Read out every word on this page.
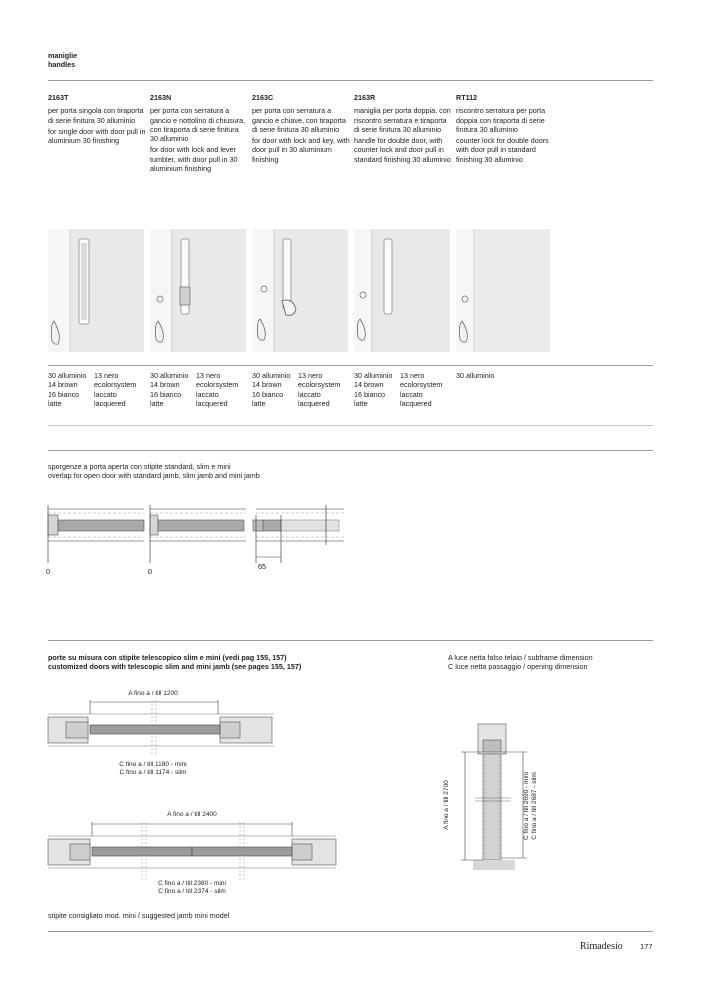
maniglie
handles

2163T

per porta singola con tiraporta di serie finitura 30 alluminio

for single door with door pull in aluminium 30 finishing

2163N

per porta con serratura a gancio e nottolino di chiusura, con tiraporta di serie finitura 30 alluminio

for door with lock and lever tumbler, with door pull in 30 aluminium finishing

2163C

per porta con serratura a gancio e chiave, con tiraporta di serie finitura 30 alluminio

for door with lock and key, with door pull in 30 aluminium finishing

2163R

maniglia per porta doppia, con riscontro serratura e tiraporta di serie finitura 30 alluminio

handle for double door, with counter lock and door pull in standard finishing 30 alluminio

RT112

riscontro serratura per porta doppia con tiraporta di serie finitura 30 alluminio

counter lock for double doors with door pull in standard finishing 30 alluminio

30 alluminio
14 brown
16 bianco latte
13 nero ecolorsystem laccato lacquered
30 alluminio
14 brown
16 bianco latte
13 nero ecolorsystem laccato lacquered
30 alluminio
14 brown
16 bianco latte
13 nero ecolorsystem laccato lacquered
30 alluminio
14 brown
16 bianco latte
13 nero ecolorsystem laccato lacquered
30 alluminio
sporgenze a porta aperta con stipite standard, slim e mini
overlap for open door with standard jamb, slim jamb and mini jamb
0	0
65
porte su misura con stipite telescopico slim e mini (vedi pag 155, 157)
customized doors with telescopic slim and mini jamb (see pages 155, 157)
A luce netta falso telaio / subframe dimension
C luce netta passaggio / opening dimension
A fino a / till 1200
C fino a / till 1180 - mini
C fino a / till 1174 - slim
A fino a / till 2400
C fino a / till 2380 - mini
C fino a / till 2374 - slim
A fino a / till 2700	C fino a / till 2690 - mini C fino a / till 2687 - slim
stipite consigliato mod. mini / suggested jamb mini model
Rimadesio 177
